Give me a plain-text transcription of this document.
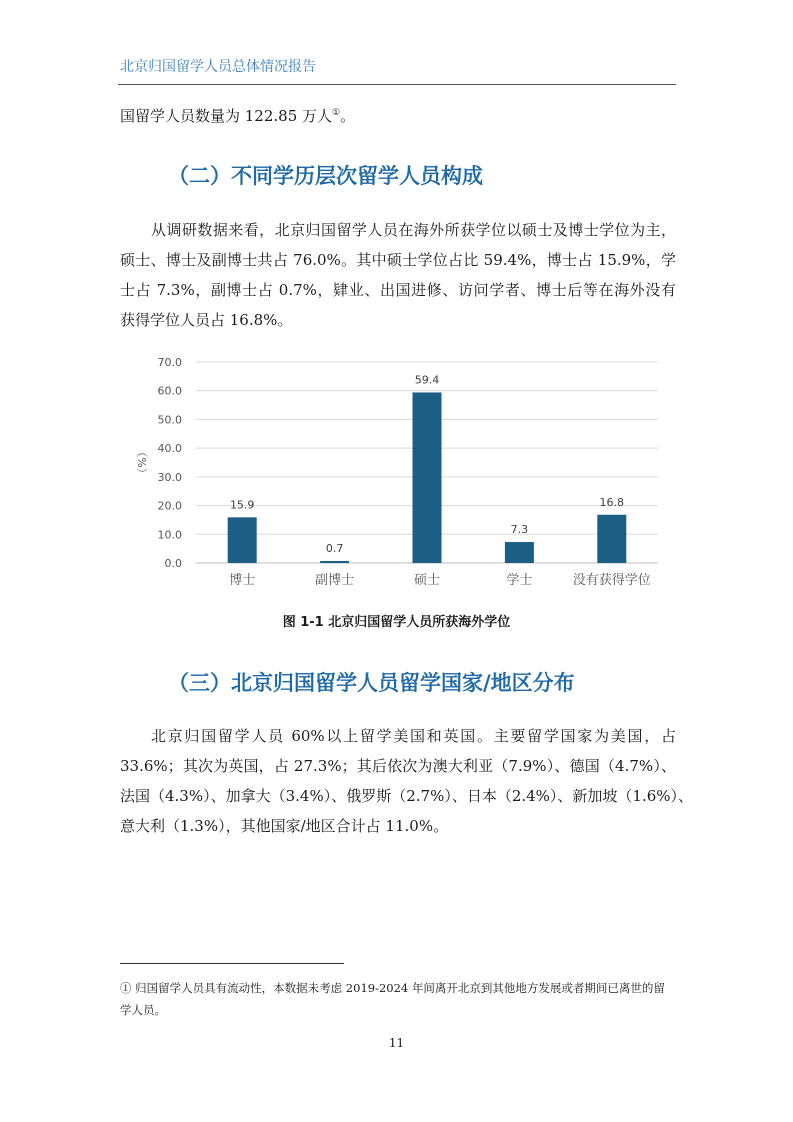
北京归国留学人员总体情况报告

国留学人员数量为 122.85 万人①。

（二）不同学历层次留学人员构成

从调研数据来看，北京归国留学人员在海外所获学位以硕士及博士学位为主，
硕士、博士及副博士共占 76.0%。其中硕士学位占比 59.4%，博士占 15.9%，学
士占 7.3%，副博士占 0.7%，肄业、出国进修、访问学者、博士后等在海外没有
获得学位人员占 16.8%。

0.0
10.0
20.0
30.0
40.0
50.0
60.0
70.0
15.9
0.7
59.4
7.3
16.8
博士	副博士	硕士	学士	没有获得学位
（%）
图 1-1 北京归国留学人员所获海外学位
（三）北京归国留学人员留学国家/地区分布

北京归国留学人员 60%以上留学美国和英国。主要留学国家为美国，占
33.6%；其次为英国，占 27.3%；其后依次为澳大利亚（7.9%）、德国（4.7%）、
法国（4.3%）、加拿大（3.4%）、俄罗斯（2.7%）、日本（2.4%）、新加坡（1.6%）、
意大利（1.3%），其他国家/地区合计占 11.0%。

① 归国留学人员具有流动性，本数据未考虑 2019-2024 年间离开北京到其他地方发展或者期间已离世的留
学人员。

11
